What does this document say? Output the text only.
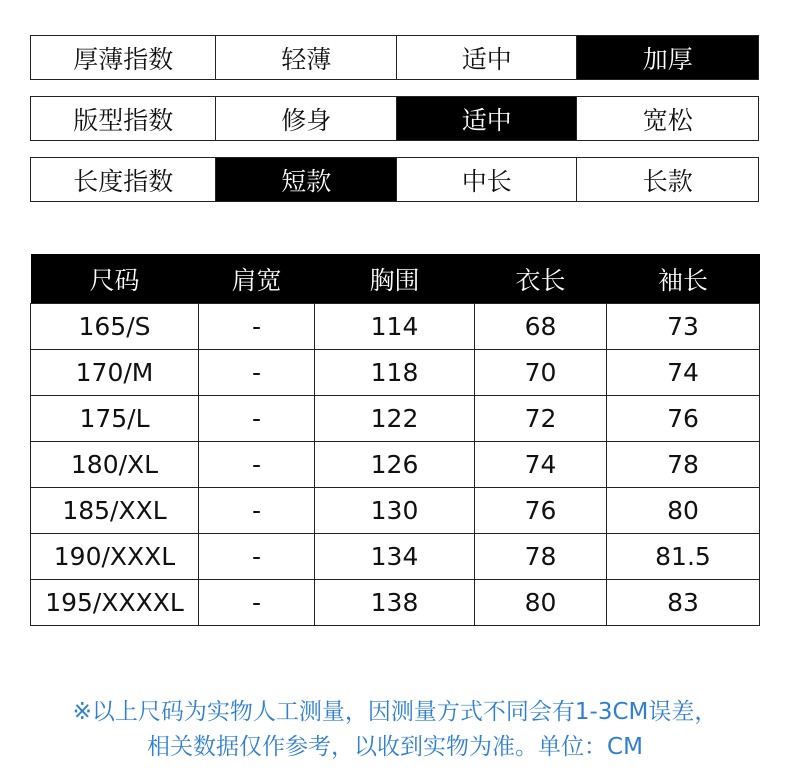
厚薄指数	轻薄	适中	加厚
版型指数	修身	适中	宽松
长度指数	短款	中长	长款
尺码	肩宽	胸围	衣长	袖长
165/S	-	114	68	73
170/M	-	118	70	74
175/L	-	122	72	76
180/XL	-	126	74	78
185/XXL	-	130	76	80
190/XXXL	-	134	78	81.5
195/XXXXL	-	138	80	83
※以上尺码为实物人工测量，因测量方式不同会有1-3CM误差，
相关数据仅作参考，以收到实物为准。单位：CM
